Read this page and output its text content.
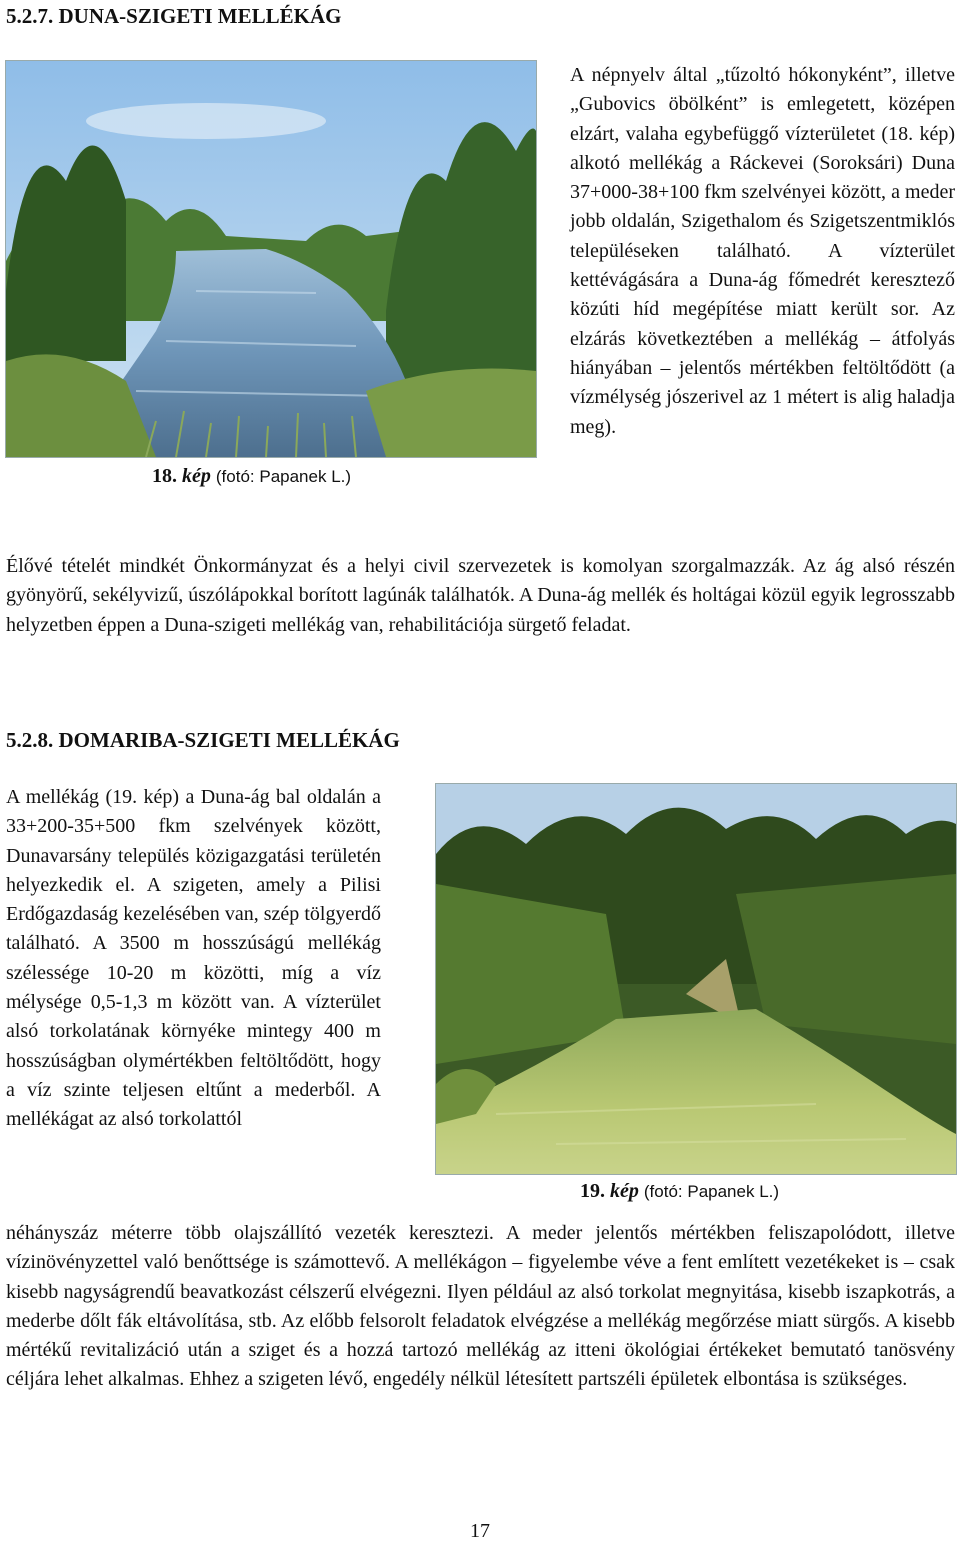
5.2.7. DUNA-SZIGETI MELLÉKÁG
18. kép (fotó: Papanek L.)

A népnyelv által „tűzoltó hókonyként”, illetve „Gubovics öbölként” is emlegetett, középen elzárt, valaha egybefüggő vízterületet (18. kép) alkotó mellékág a Ráckevei (Soroksári) Duna 37+000-38+100 fkm szelvényei között, a meder jobb oldalán, Szigethalom és Szigetszentmiklós településeken található. A vízterület kettévágására a Duna-ág főmedrét keresztező közúti híd megépítése miatt került sor. Az elzárás következtében a mellékág – átfolyás hiányában – jelentős mértékben feltöltődött (a vízmélység jószerivel az 1 métert is alig haladja meg).

Élővé tételét mindkét Önkormányzat és a helyi civil szervezetek is komolyan szorgalmazzák. Az ág alsó részén gyönyörű, sekélyvizű, úszólápokkal borított lagúnák találhatók. A Duna-ág mellék és holtágai közül egyik legrosszabb helyzetben éppen a Duna-szigeti mellékág van, rehabilitációja sürgető feladat.

5.2.8. DOMARIBA-SZIGETI MELLÉKÁG

A mellékág (19. kép) a Duna-ág bal oldalán a 33+200-35+500 fkm szelvények között, Dunavarsány település közigazgatási területén helyezkedik el. A szigeten, amely a Pilisi Erdőgazdaság kezelésében van, szép tölgyerdő található. A 3500 m hosszúságú mellékág szélessége 10-20 m közötti, míg a víz mélysége 0,5-1,3 m között van. A vízterület alsó torkolatának környéke mintegy 400 m hosszúságban olymértékben feltöltődött, hogy a víz szinte teljesen eltűnt a mederből. A mellékágat az alsó torkolattól

19. kép (fotó: Papanek L.)

néhányszáz méterre több olajszállító vezeték keresztezi. A meder jelentős mértékben feliszapolódott, illetve vízinövényzettel való benőttsége is számottevő. A mellékágon – figyelembe véve a fent említett vezetékeket is – csak kisebb nagyságrendű beavatkozást célszerű elvégezni. Ilyen például az alsó torkolat megnyitása, kisebb iszapkotrás, a mederbe dőlt fák eltávolítása, stb. Az előbb felsorolt feladatok elvégzése a mellékág megőrzése miatt sürgős. A kisebb mértékű revitalizáció után a sziget és a hozzá tartozó mellékág az itteni ökológiai értékeket bemutató tanösvény céljára lehet alkalmas. Ehhez a szigeten lévő, engedély nélkül létesített partszéli épületek elbontása is szükséges.

17
